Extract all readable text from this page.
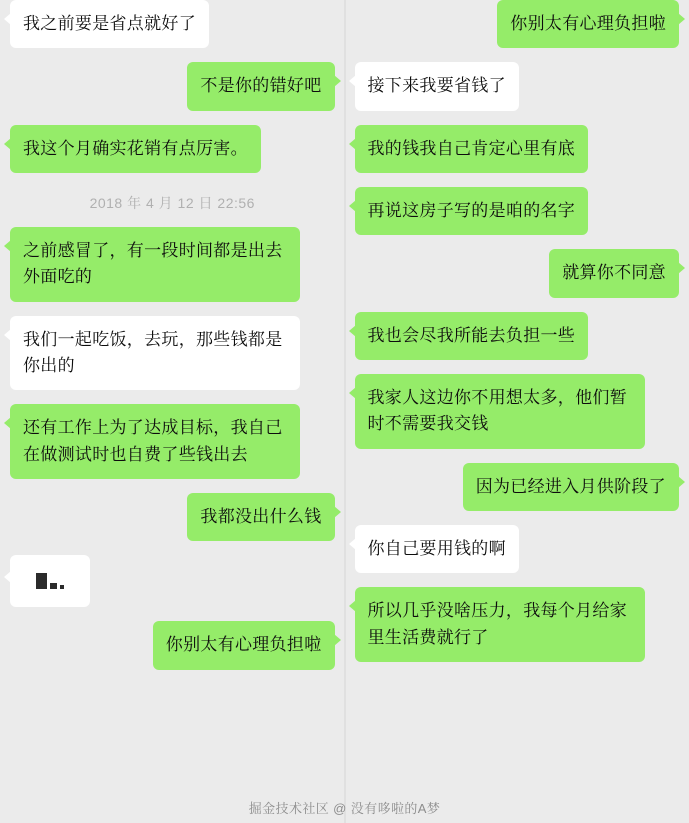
我之前要是省点就好了
不是你的错好吧
我这个月确实花销有点厉害。
2018 年 4 月 12 日 22:56
之前感冒了，有一段时间都是出去外面吃的
我们一起吃饭，去玩，那些钱都是你出的
还有工作上为了达成目标，我自己在做测试时也自费了些钱出去
我都没出什么钱
你别太有心理负担啦
你别太有心理负担啦
接下来我要省钱了
我的钱我自己肯定心里有底
再说这房子写的是咱的名字
就算你不同意
我也会尽我所能去负担一些
我家人这边你不用想太多，他们暂时不需要我交钱
因为已经进入月供阶段了
你自己要用钱的啊
所以几乎没啥压力，我每个月给家里生活费就行了
掘金技术社区 @ 没有哆啦的A梦
